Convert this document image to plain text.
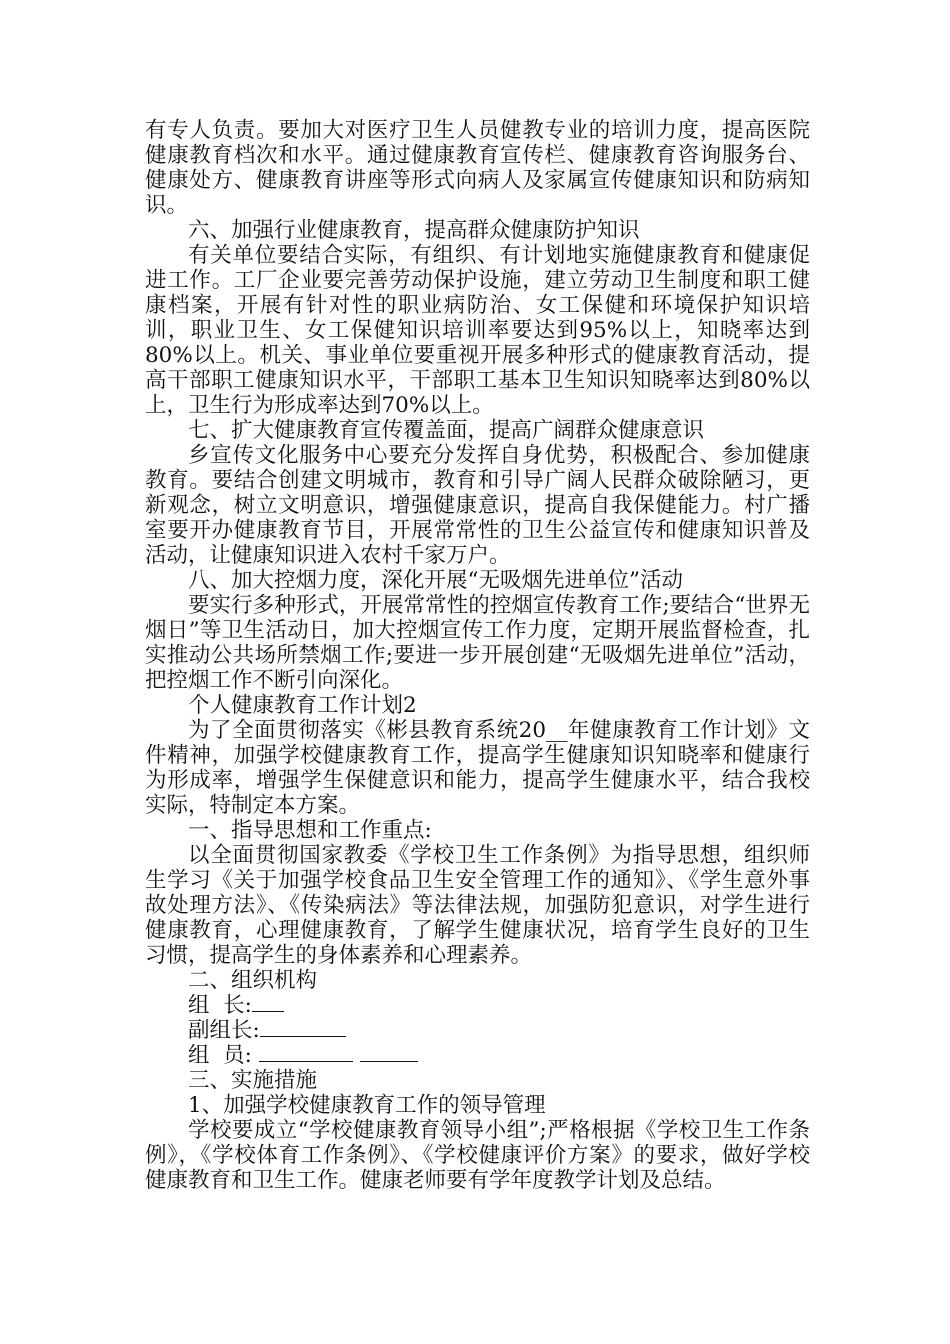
有专人负责。要加大对医疗卫生人员健教专业的培训力度，提高医院健康教育档次和水平。通过健康教育宣传栏、健康教育咨询服务台、健康处方、健康教育讲座等形式向病人及家属宣传健康知识和防病知识。

六、加强行业健康教育，提高群众健康防护知识

有关单位要结合实际，有组织、有计划地实施健康教育和健康促进工作。工厂企业要完善劳动保护设施，建立劳动卫生制度和职工健康档案，开展有针对性的职业病防治、女工保健和环境保护知识培训，职业卫生、女工保健知识培训率要达到95%以上，知晓率达到80%以上。机关、事业单位要重视开展多种形式的健康教育活动，提高干部职工健康知识水平，干部职工基本卫生知识知晓率达到80%以上，卫生行为形成率达到70%以上。

七、扩大健康教育宣传覆盖面，提高广阔群众健康意识

乡宣传文化服务中心要充分发挥自身优势，积极配合、参加健康教育。要结合创建文明城市，教育和引导广阔人民群众破除陋习，更新观念，树立文明意识，增强健康意识，提高自我保健能力。村广播室要开办健康教育节目，开展常常性的卫生公益宣传和健康知识普及活动，让健康知识进入农村千家万户。

八、加大控烟力度，深化开展“无吸烟先进单位”活动

要实行多种形式，开展常常性的控烟宣传教育工作;要结合“世界无烟日”等卫生活动日，加大控烟宣传工作力度，定期开展监督检查，扎实推动公共场所禁烟工作;要进一步开展创建“无吸烟先进单位”活动，把控烟工作不断引向深化。

个人健康教育工作计划2

为了全面贯彻落实《彬县教育系统20__年健康教育工作计划》文件精神，加强学校健康教育工作，提高学生健康知识知晓率和健康行为形成率，增强学生保健意识和能力，提高学生健康水平，结合我校实际，特制定本方案。

一、指导思想和工作重点:

以全面贯彻国家教委《学校卫生工作条例》为指导思想，组织师生学习《关于加强学校食品卫生安全管理工作的通知》、《学生意外事故处理方法》、《传染病法》等法律法规，加强防犯意识，对学生进行健康教育，心理健康教育，了解学生健康状况，培育学生良好的卫生习惯，提高学生的身体素养和心理素养。

二、组织机构

组  长:

副组长:

组  员:

三、实施措施

1、加强学校健康教育工作的领导管理

学校要成立“学校健康教育领导小组”;严格根据《学校卫生工作条例》，《学校体育工作条例》、《学校健康评价方案》的要求，做好学校健康教育和卫生工作。健康老师要有学年度教学计划及总结。
